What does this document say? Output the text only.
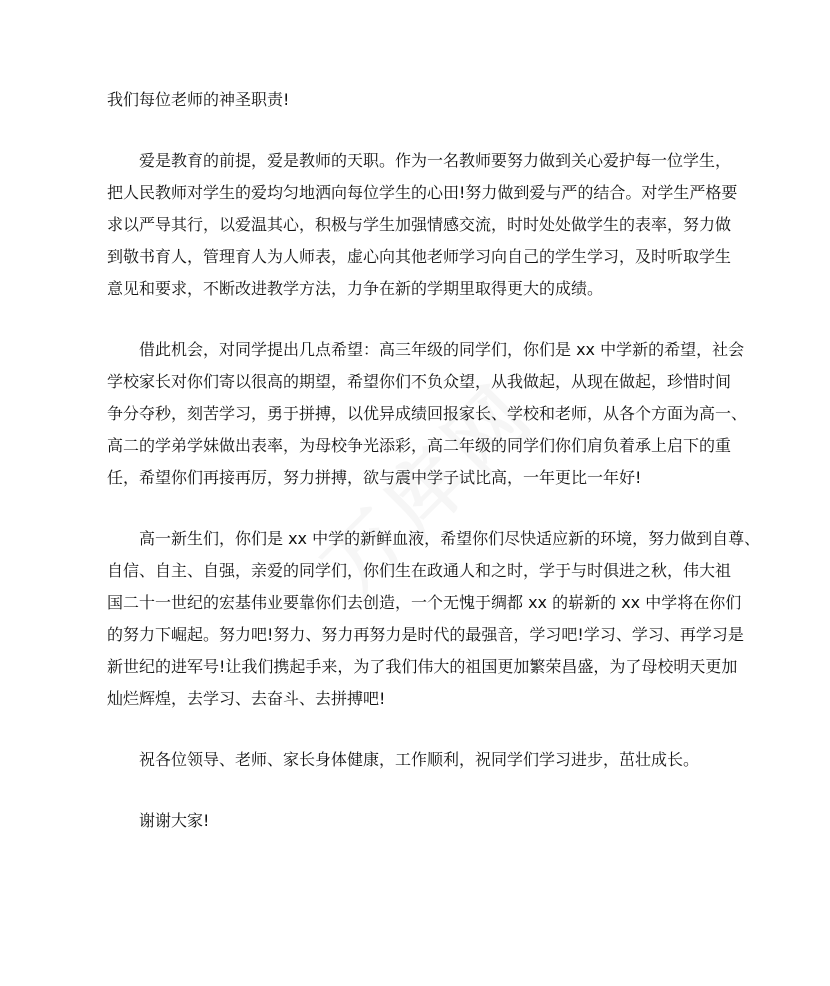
我们每位老师的神圣职责!
爱是教育的前提，爱是教师的天职。作为一名教师要努力做到关心爱护每一位学生，
把人民教师对学生的爱均匀地洒向每位学生的心田!努力做到爱与严的结合。对学生严格要
求以严导其行，以爱温其心，积极与学生加强情感交流，时时处处做学生的表率，努力做
到敬书育人，管理育人为人师表，虚心向其他老师学习向自己的学生学习，及时听取学生
意见和要求，不断改进教学方法，力争在新的学期里取得更大的成绩。
借此机会，对同学提出几点希望：高三年级的同学们，你们是 xx 中学新的希望，社会
学校家长对你们寄以很高的期望，希望你们不负众望，从我做起，从现在做起，珍惜时间
争分夺秒，刻苦学习，勇于拼搏，以优异成绩回报家长、学校和老师，从各个方面为高一、
高二的学弟学妹做出表率，为母校争光添彩，高二年级的同学们你们肩负着承上启下的重
任，希望你们再接再厉，努力拼搏，欲与震中学子试比高，一年更比一年好!
高一新生们，你们是 xx 中学的新鲜血液，希望你们尽快适应新的环境，努力做到自尊、
自信、自主、自强，亲爱的同学们，你们生在政通人和之时，学于与时俱进之秋，伟大祖
国二十一世纪的宏基伟业要靠你们去创造，一个无愧于绸都 xx 的崭新的 xx 中学将在你们
的努力下崛起。努力吧!努力、努力再努力是时代的最强音，学习吧!学习、学习、再学习是
新世纪的进军号!让我们携起手来，为了我们伟大的祖国更加繁荣昌盛，为了母校明天更加
灿烂辉煌，去学习、去奋斗、去拼搏吧!
祝各位领导、老师、家长身体健康，工作顺利，祝同学们学习进步，茁壮成长。
谢谢大家!
